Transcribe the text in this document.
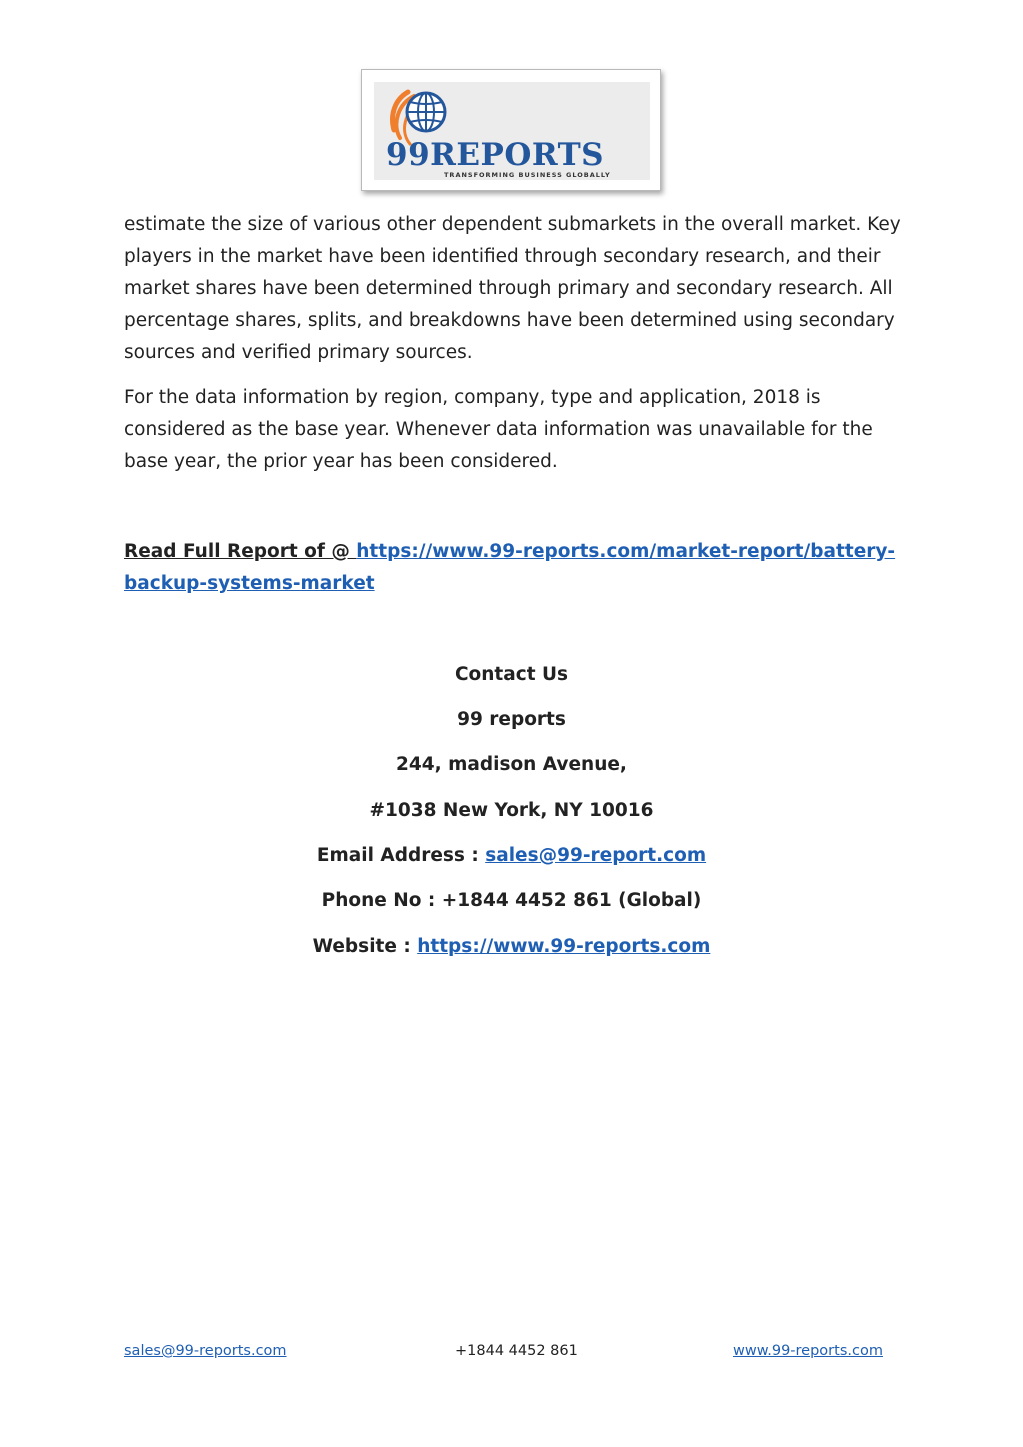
99REPORTS
TRANSFORMING BUSINESS GLOBALLY

estimate the size of various other dependent submarkets in the overall market. Key players in the market have been identified through secondary research, and their market shares have been determined through primary and secondary research. All percentage shares, splits, and breakdowns have been determined using secondary sources and verified primary sources.

For the data information by region, company, type and application, 2018 is considered as the base year. Whenever data information was unavailable for the base year, the prior year has been considered.

Read Full Report of @ https://www.99-reports.com/market-report/battery-backup-systems-market

Contact Us

99 reports

244, madison Avenue,

#1038 New York, NY 10016

Email Address : sales@99-report.com

Phone No : +1844 4452 861 (Global)

Website : https://www.99-reports.com

sales@99-reports.com	+1844 4452 861	www.99-reports.com
